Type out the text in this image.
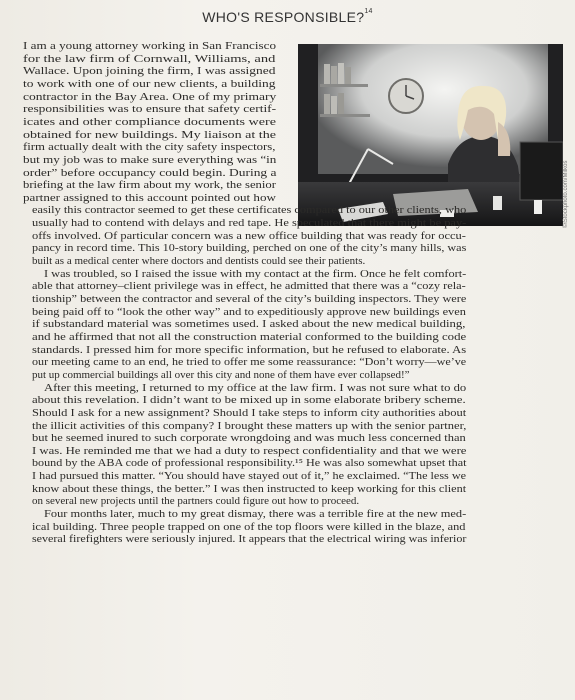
WHO'S RESPONSIBLE?$^{14}$
©iStockphoto.com/Milkos
I am a young attorney working in San Francisco
for the law firm of Cornwall, Williams, and
Wallace. Upon joining the firm, I was assigned
to work with one of our new clients, a building
contractor in the Bay Area. One of my primary
responsibilities was to ensure that safety certif-
icates and other compliance documents were
obtained for new buildings. My liaison at the
firm actually dealt with the city safety inspectors,
but my job was to make sure everything was “in
order” before occupancy could begin. During a
briefing at the law firm about my work, the senior
partner assigned to this account pointed out how
easily this contractor seemed to get these certificates compared to our other clients, who
usually had to contend with delays and red tape. He speculated that there might be pay-
offs involved. Of particular concern was a new office building that was ready for occu-
pancy in record time. This 10-story building, perched on one of the city’s many hills, was
built as a medical center where doctors and dentists could see their patients.
I was troubled, so I raised the issue with my contact at the firm. Once he felt comfort-
able that attorney–client privilege was in effect, he admitted that there was a “cozy rela-
tionship” between the contractor and several of the city’s building inspectors. They were
being paid off to “look the other way” and to expeditiously approve new buildings even
if substandard material was sometimes used. I asked about the new medical building,
and he affirmed that not all the construction material conformed to the building code
standards. I pressed him for more specific information, but he refused to elaborate. As
our meeting came to an end, he tried to offer me some reassurance: “Don’t worry—we’ve
put up commercial buildings all over this city and none of them have ever collapsed!”
After this meeting, I returned to my office at the law firm. I was not sure what to do
about this revelation. I didn’t want to be mixed up in some elaborate bribery scheme.
Should I ask for a new assignment? Should I take steps to inform city authorities about
the illicit activities of this company? I brought these matters up with the senior partner,
but he seemed inured to such corporate wrongdoing and was much less concerned than
I was. He reminded me that we had a duty to respect confidentiality and that we were
bound by the ABA code of professional responsibility.¹⁵ He was also somewhat upset that
I had pursued this matter. “You should have stayed out of it,” he exclaimed. “The less we
know about these things, the better.” I was then instructed to keep working for this client
on several new projects until the partners could figure out how to proceed.
Four months later, much to my great dismay, there was a terrible fire at the new med-
ical building. Three people trapped on one of the top floors were killed in the blaze, and
several firefighters were seriously injured. It appears that the electrical wiring was inferior
